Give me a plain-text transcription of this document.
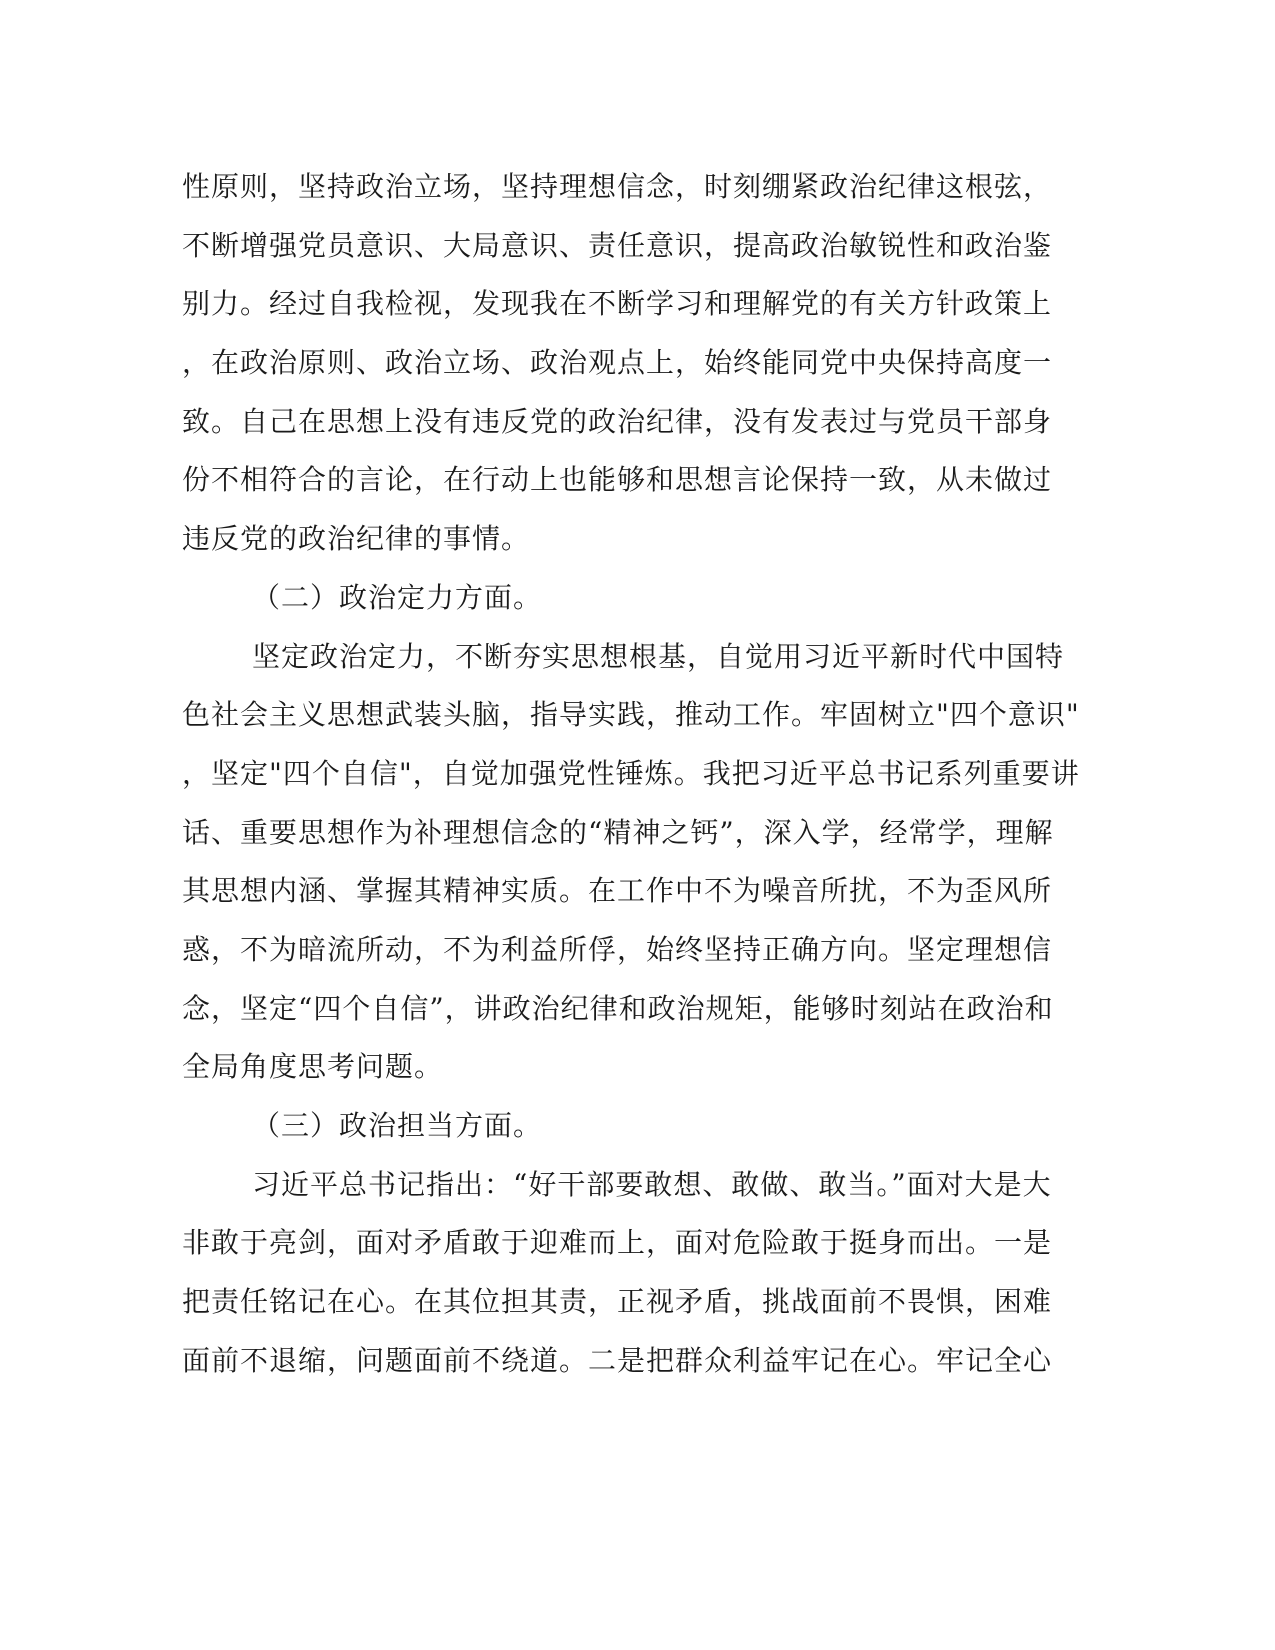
性原则，坚持政治立场，坚持理想信念，时刻绷紧政治纪律这根弦，
不断增强党员意识、大局意识、责任意识，提高政治敏锐性和政治鉴
别力。经过自我检视，发现我在不断学习和理解党的有关方针政策上
，在政治原则、政治立场、政治观点上，始终能同党中央保持高度一
致。自己在思想上没有违反党的政治纪律，没有发表过与党员干部身
份不相符合的言论，在行动上也能够和思想言论保持一致，从未做过
违反党的政治纪律的事情。
（二）政治定力方面。
坚定政治定力，不断夯实思想根基，自觉用习近平新时代中国特
色社会主义思想武装头脑，指导实践，推动工作。牢固树立"四个意识"
，坚定"四个自信"，自觉加强党性锤炼。我把习近平总书记系列重要讲
话、重要思想作为补理想信念的“精神之钙”，深入学，经常学，理解
其思想内涵、掌握其精神实质。在工作中不为噪音所扰，不为歪风所
惑，不为暗流所动，不为利益所俘，始终坚持正确方向。坚定理想信
念，坚定“四个自信”，讲政治纪律和政治规矩，能够时刻站在政治和
全局角度思考问题。
（三）政治担当方面。
习近平总书记指出：“好干部要敢想、敢做、敢当。”面对大是大
非敢于亮剑，面对矛盾敢于迎难而上，面对危险敢于挺身而出。一是
把责任铭记在心。在其位担其责，正视矛盾，挑战面前不畏惧，困难
面前不退缩，问题面前不绕道。二是把群众利益牢记在心。牢记全心
